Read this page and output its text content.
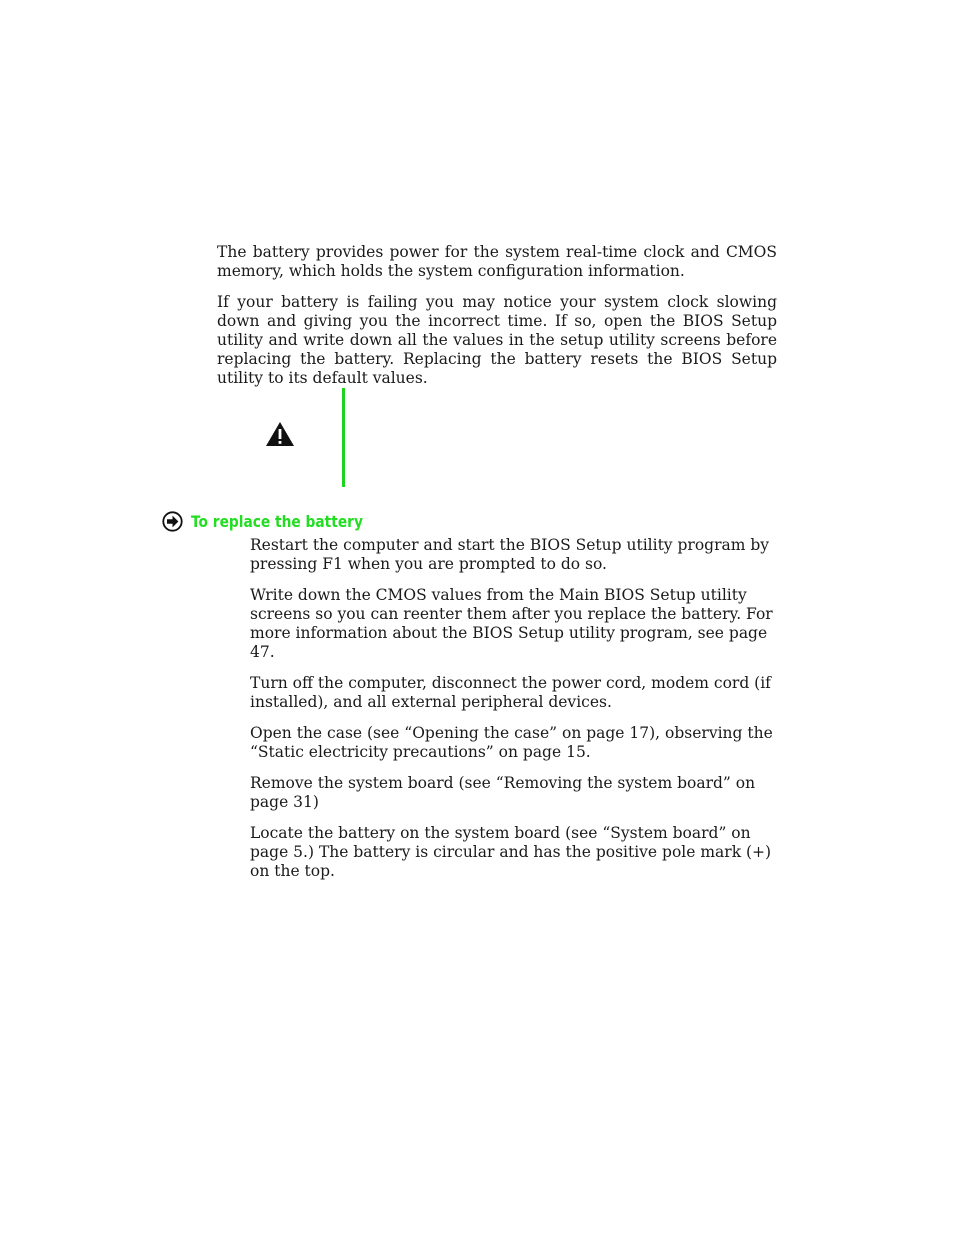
The battery provides power for the system real-time clock and CMOS memory, which holds the system configuration information.

If your battery is failing you may notice your system clock slowing down and giving you the incorrect time. If so, open the BIOS Setup utility and write down all the values in the setup utility screens before replacing the battery. Replacing the battery resets the BIOS Setup utility to its default values.

To replace the battery
Restart the computer and start the BIOS Setup utility program by pressing F1 when you are prompted to do so.
Write down the CMOS values from the Main BIOS Setup utility screens so you can reenter them after you replace the battery. For more information about the BIOS Setup utility program, see page 47.
Turn off the computer, disconnect the power cord, modem cord (if installed), and all external peripheral devices.
Open the case (see “Opening the case” on page 17), observing the “Static electricity precautions” on page 15.
Remove the system board (see “Removing the system board” on page 31)
Locate the battery on the system board (see “System board” on page 5.) The battery is circular and has the positive pole mark (+) on the top.
